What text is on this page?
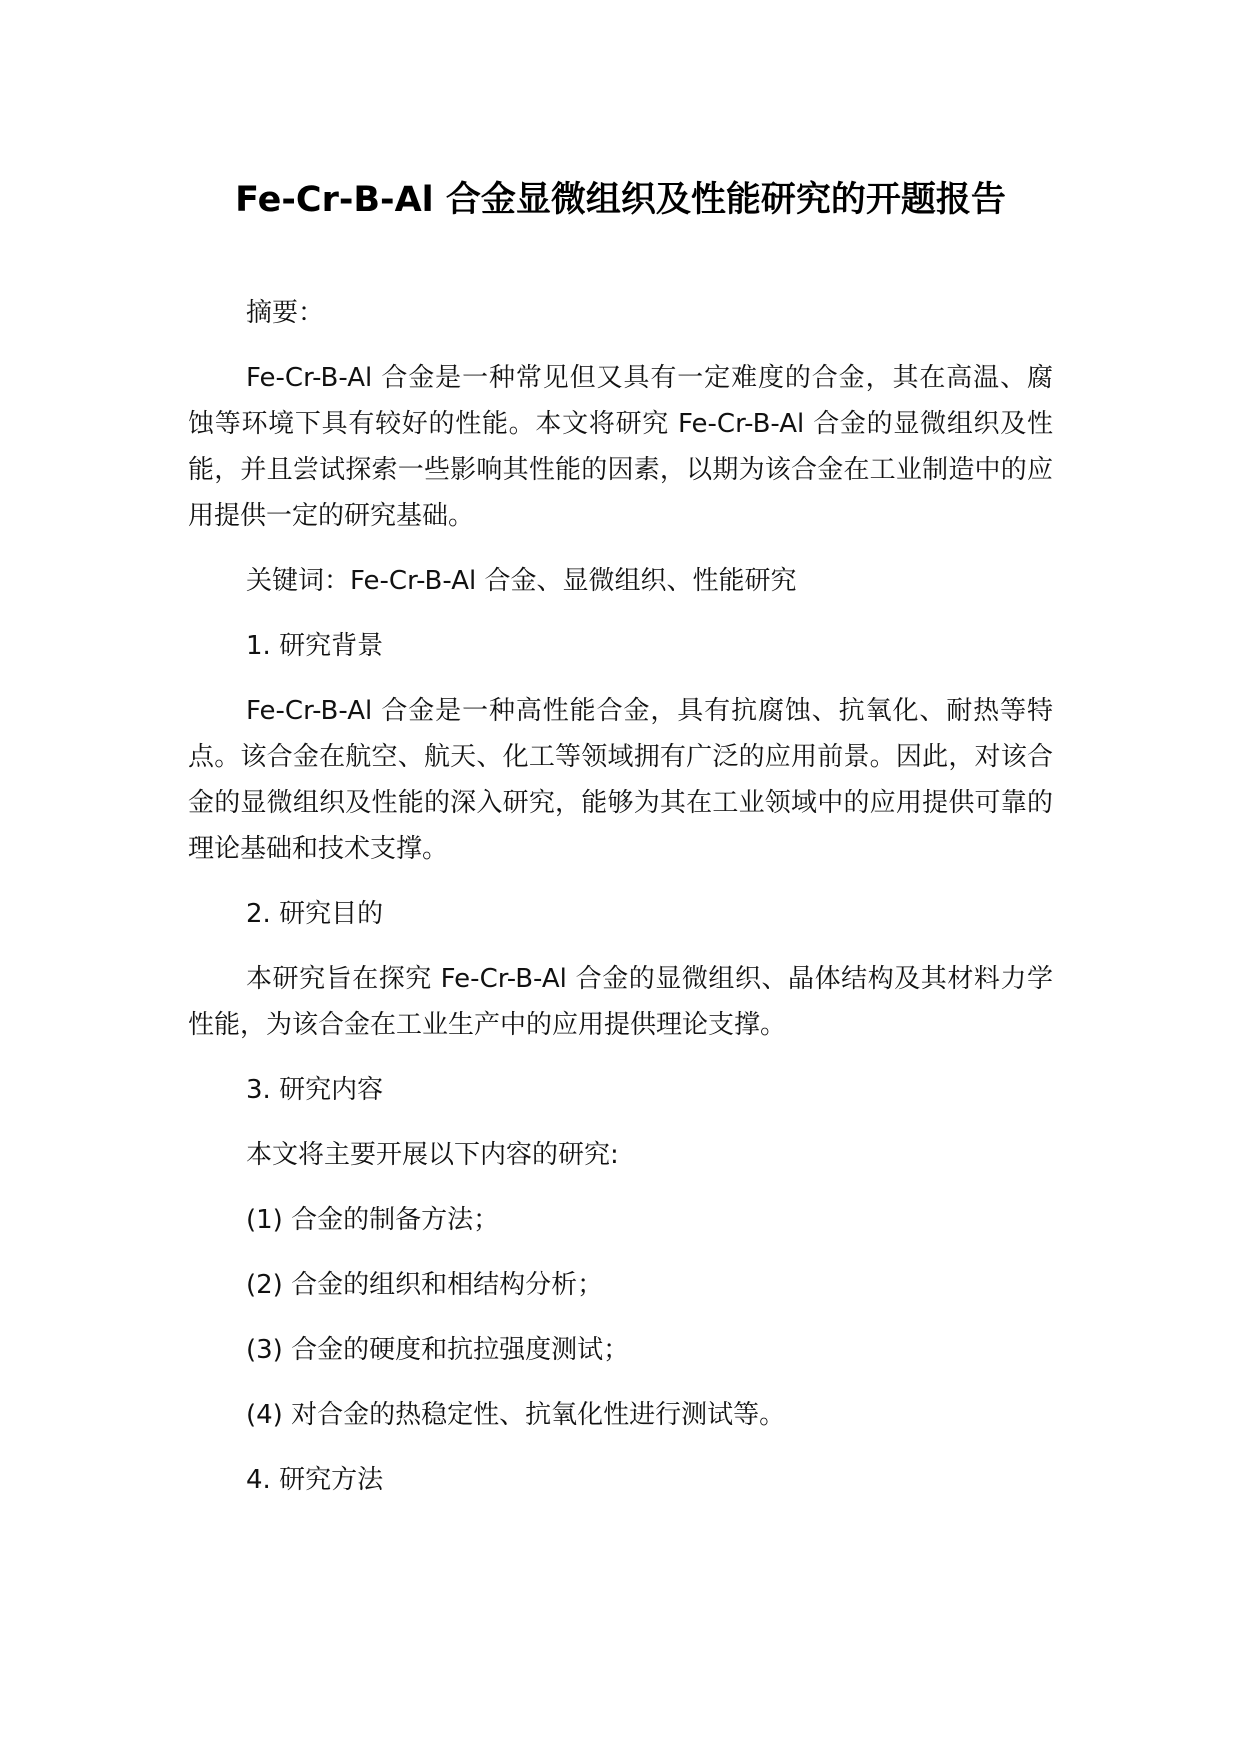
Fe-Cr-B-Al 合金显微组织及性能研究的开题报告

摘要：

Fe-Cr-B-Al 合金是一种常见但又具有一定难度的合金，其在高温、腐蚀等环境下具有较好的性能。本文将研究 Fe-Cr-B-Al 合金的显微组织及性能，并且尝试探索一些影响其性能的因素，以期为该合金在工业制造中的应用提供一定的研究基础。

关键词：Fe-Cr-B-Al 合金、显微组织、性能研究

1. 研究背景

Fe-Cr-B-Al 合金是一种高性能合金，具有抗腐蚀、抗氧化、耐热等特点。该合金在航空、航天、化工等领域拥有广泛的应用前景。因此，对该合金的显微组织及性能的深入研究，能够为其在工业领域中的应用提供可靠的理论基础和技术支撑。

2. 研究目的

本研究旨在探究 Fe-Cr-B-Al 合金的显微组织、晶体结构及其材料力学性能，为该合金在工业生产中的应用提供理论支撑。

3. 研究内容

本文将主要开展以下内容的研究:

(1) 合金的制备方法；

(2) 合金的组织和相结构分析；

(3) 合金的硬度和抗拉强度测试；

(4) 对合金的热稳定性、抗氧化性进行测试等。

4. 研究方法
